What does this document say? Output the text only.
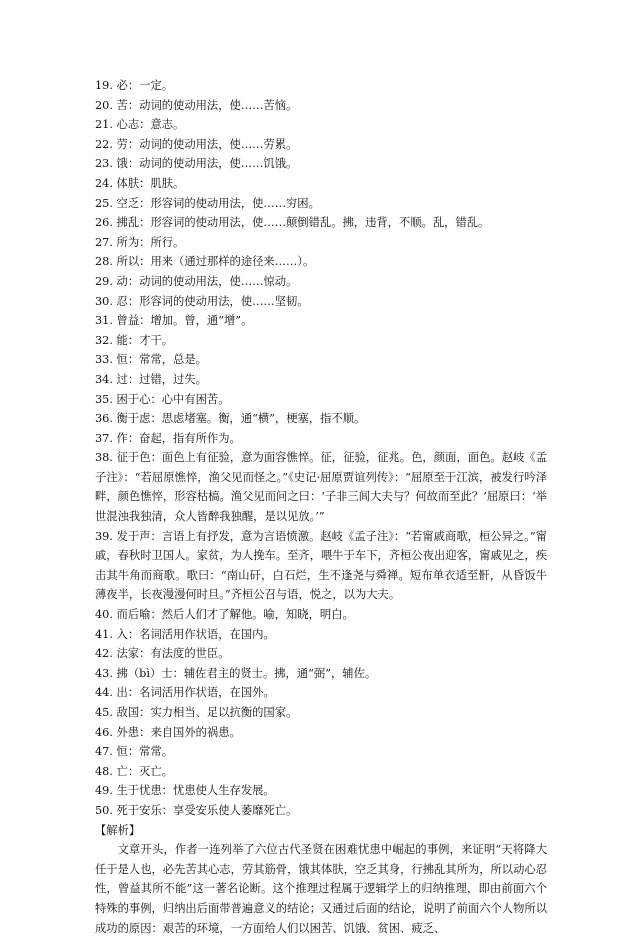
19. 必：一定。

20. 苦：动词的使动用法，使……苦恼。

21. 心志：意志。

22. 劳：动词的使动用法，使……劳累。

23. 饿：动词的使动用法，使……饥饿。

24. 体肤：肌肤。

25. 空乏：形容词的使动用法，使……穷困。

26. 拂乱：形容词的使动用法，使……颠倒错乱。拂，违背，不顺。乱，错乱。

27. 所为：所行。

28. 所以：用来（通过那样的途径来……）。

29. 动：动词的使动用法，使……惊动。

30. 忍：形容词的使动用法，使……坚韧。

31. 曾益：增加。曾，通“增”。

32. 能：才干。

33. 恒：常常，总是。

34. 过：过错，过失。

35. 困于心：心中有困苦。

36. 衡于虑：思虑堵塞。衡，通“横”，梗塞，指不顺。

37. 作：奋起，指有所作为。

38. 征于色：面色上有征验，意为面容憔悴。征，征验，征兆。色，颜面，面色。赵岐《孟子注》：“若屈原憔悴，渔父见而怪之。”《史记·屈原贾谊列传》：“屈原至于江滨，被发行吟泽畔，颜色憔悴，形容枯槁。渔父见而问之曰：‘子非三闾大夫与？何故而至此？’屈原曰：‘举世混浊我独清，众人皆醉我独醒，是以见放。’”

39. 发于声：言语上有抒发，意为言语愤激。赵岐《孟子注》：“若甯戚商歌，桓公异之。”甯戚，春秋时卫国人。家贫，为人挽车。至齐，喂牛于车下，齐桓公夜出迎客，甯戚见之，疾击其牛角而商歌。歌曰：“南山矸，白石烂，生不逢尧与舜禅。短布单衣适至骭，从昏饭牛薄夜半，长夜漫漫何时旦。”齐桓公召与语，悦之，以为大夫。

40. 而后喻：然后人们才了解他。喻，知晓，明白。

41. 入：名词活用作状语，在国内。

42. 法家：有法度的世臣。

43. 拂（bì）士：辅佐君主的贤士。拂，通“弼”，辅佐。

44. 出：名词活用作状语，在国外。

45. 敌国：实力相当、足以抗衡的国家。

46. 外患：来自国外的祸患。

47. 恒：常常。

48. 亡：灭亡。

49. 生于忧患：忧患使人生存发展。

50. 死于安乐：享受安乐使人萎靡死亡。

【解析】

文章开头，作者一连列举了六位古代圣贤在困难忧患中崛起的事例，来证明“天将降大任于是人也，必先苦其心志，劳其筋骨，饿其体肤，空乏其身，行拂乱其所为，所以动心忍性，曾益其所不能”这一著名论断。这个推理过程属于逻辑学上的归纳推理，即由前面六个特殊的事例，归纳出后面带普遍意义的结论；又通过后面的结论，说明了前面六个人物所以成功的原因：艰苦的环境，一方面给人们以困苦、饥饿、贫困、疲乏、
